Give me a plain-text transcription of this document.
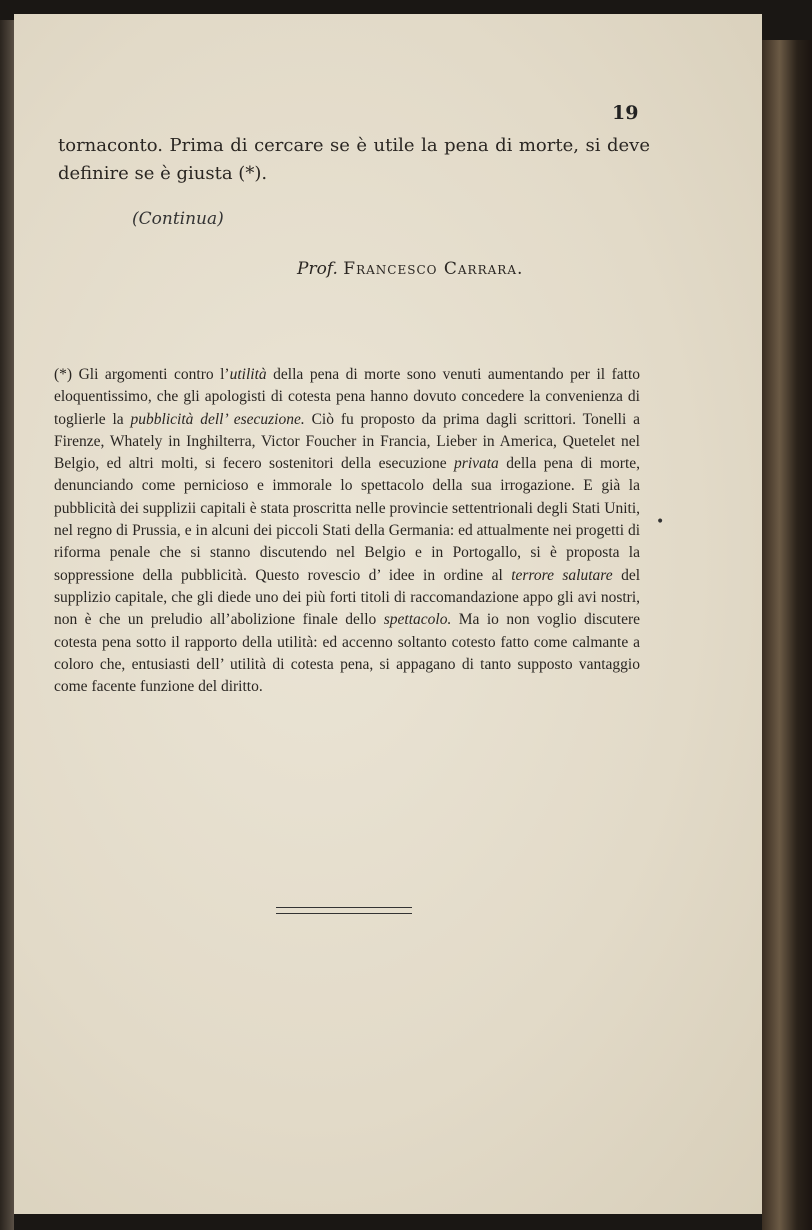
19
tornaconto. Prima di cercare se è utile la pena di morte, si deve definire se è giusta (*).
(Continua)
Prof. Francesco Carrara.
(*) Gli argomenti contro l’utilità della pena di morte sono venuti aumentando per il fatto eloquentissimo, che gli apologisti di cotesta pena hanno dovuto concedere la convenienza di toglierle la pubblicità dell’ esecuzione. Ciò fu proposto da prima dagli scrittori. Tonelli a Firenze, Whately in Inghilterra, Victor Foucher in Francia, Lieber in America, Quetelet nel Belgio, ed altri molti, si fecero sostenitori della esecuzione privata della pena di morte, denunciando come pernicioso e immorale lo spettacolo della sua irrogazione. E già la pubblicità dei supplizii capitali è stata proscritta nelle provincie settentrionali degli Stati Uniti, nel regno di Prussia, e in alcuni dei piccoli Stati della Germania: ed attualmente nei progetti di riforma penale che si stanno discutendo nel Belgio e in Portogallo, si è proposta la soppressione della pubblicità. Questo rovescio d’ idee in ordine al terrore salutare del supplizio capitale, che gli diede uno dei più forti titoli di raccomandazione appo gli avi nostri, non è che un preludio all’abolizione finale dello spettacolo. Ma io non voglio discutere cotesta pena sotto il rapporto della utilità: ed accenno soltanto cotesto fatto come calmante a coloro che, entusiasti dell’ utilità di cotesta pena, si appagano di tanto supposto vantaggio come facente funzione del diritto.
•
